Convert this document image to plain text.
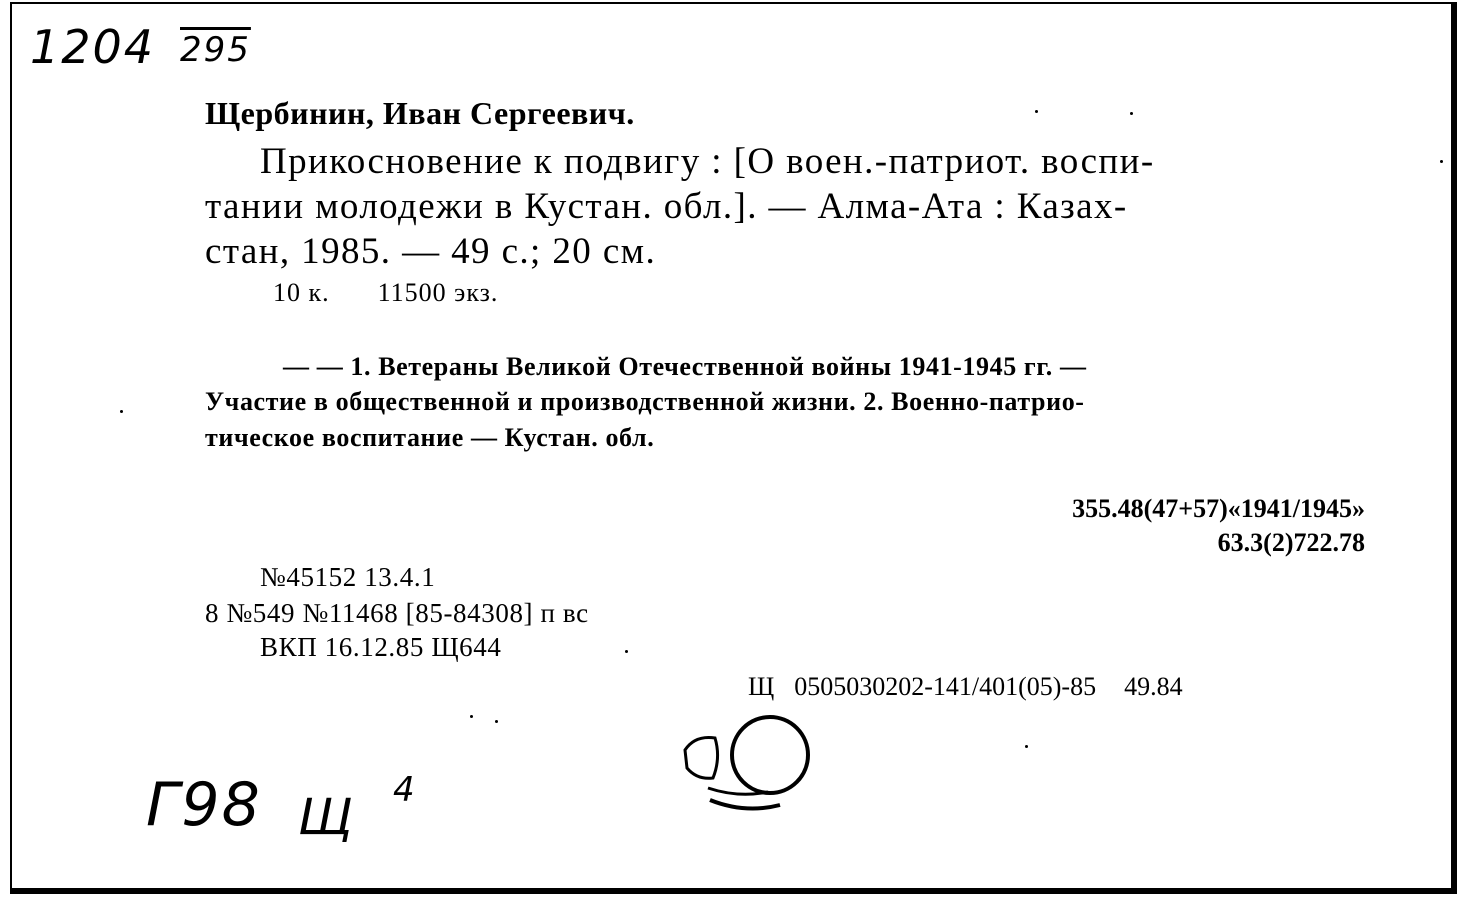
1204 295
Щербинин, Иван Сергеевич.
Прикосновение к подвигу : [О воен.-патриот. воспи-
тании молодежи в Кустан. обл.]. — Алма-Ата : Казах-
стан, 1985. — 49 с.; 20 см.
10 к. 11500 экз.
— — 1. Ветераны Великой Отечественной войны 1941-1945 гг. —
Участие в общественной и производственной жизни. 2. Военно-патрио-
тическое воспитание — Кустан. обл.
355.48(47+57)«1941/1945»
63.3(2)722.78
№45152 13.4.1
8 №549 №11468 [85-84308] п вс
ВКП 16.12.85 Щ644
Щ 0505030202-141/401(05)-85 49.84
Г98 Щ 4
